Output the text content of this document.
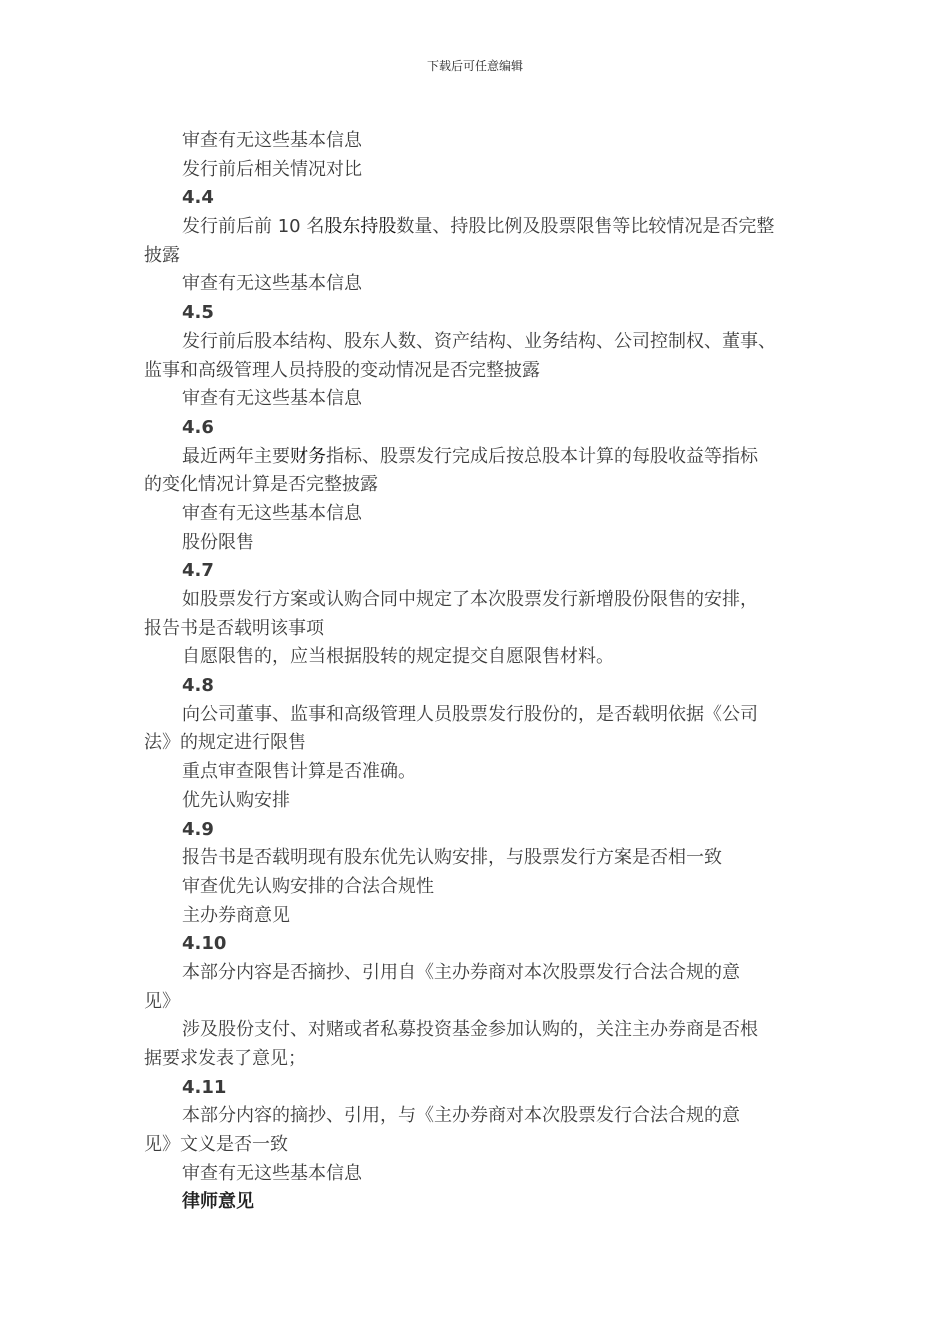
下载后可任意编辑
审查有无这些基本信息
发行前后相关情况对比
4.4
发行前后前 10 名股东持股数量、持股比例及股票限售等比较情况是否完整
披露
审查有无这些基本信息
4.5
发行前后股本结构、股东人数、资产结构、业务结构、公司控制权、董事、
监事和高级管理人员持股的变动情况是否完整披露
审查有无这些基本信息
4.6
最近两年主要财务指标、股票发行完成后按总股本计算的每股收益等指标
的变化情况计算是否完整披露
审查有无这些基本信息
股份限售
4.7
如股票发行方案或认购合同中规定了本次股票发行新增股份限售的安排，
报告书是否载明该事项
自愿限售的，应当根据股转的规定提交自愿限售材料。
4.8
向公司董事、监事和高级管理人员股票发行股份的，是否载明依据《公司
法》的规定进行限售
重点审查限售计算是否准确。
优先认购安排
4.9
报告书是否载明现有股东优先认购安排，与股票发行方案是否相一致
审查优先认购安排的合法合规性
主办券商意见
4.10
本部分内容是否摘抄、引用自《主办券商对本次股票发行合法合规的意
见》
涉及股份支付、对赌或者私募投资基金参加认购的，关注主办券商是否根
据要求发表了意见；
4.11
本部分内容的摘抄、引用，与《主办券商对本次股票发行合法合规的意
见》文义是否一致
审查有无这些基本信息
律师意见
